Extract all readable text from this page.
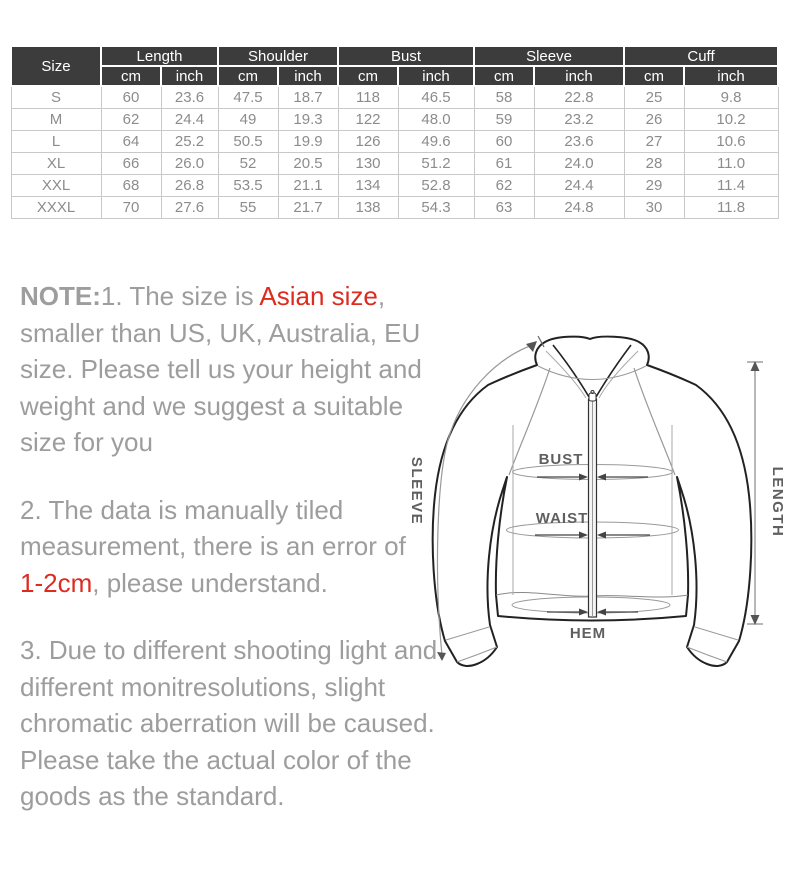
Size	Length		Shoulder		Bust		Sleeve		Cuff	
	cm	inch	cm	inch	cm	inch	cm	inch	cm	inch
S	60	23.6	47.5	18.7	118	46.5	58	22.8	25	9.8
M	62	24.4	49	19.3	122	48.0	59	23.2	26	10.2
L	64	25.2	50.5	19.9	126	49.6	60	23.6	27	10.6
XL	66	26.0	52	20.5	130	51.2	61	24.0	28	11.0
XXL	68	26.8	53.5	21.1	134	52.8	62	24.4	29	11.4
XXXL	70	27.6	55	21.7	138	54.3	63	24.8	30	11.8

NOTE:1. The size is Asian size, smaller than US, UK, Australia, EU size. Please tell us your height and weight and we suggest a suitable size for you

2. The data is manually tiled measurement, there is an error of 1-2cm, please understand.

3. Due to different shooting light and different monitresolutions, slight chromatic aberration will be caused. Please take the actual color of the goods as the standard.

BUST
WAIST
HEM
SLEEVE	LENGTH
